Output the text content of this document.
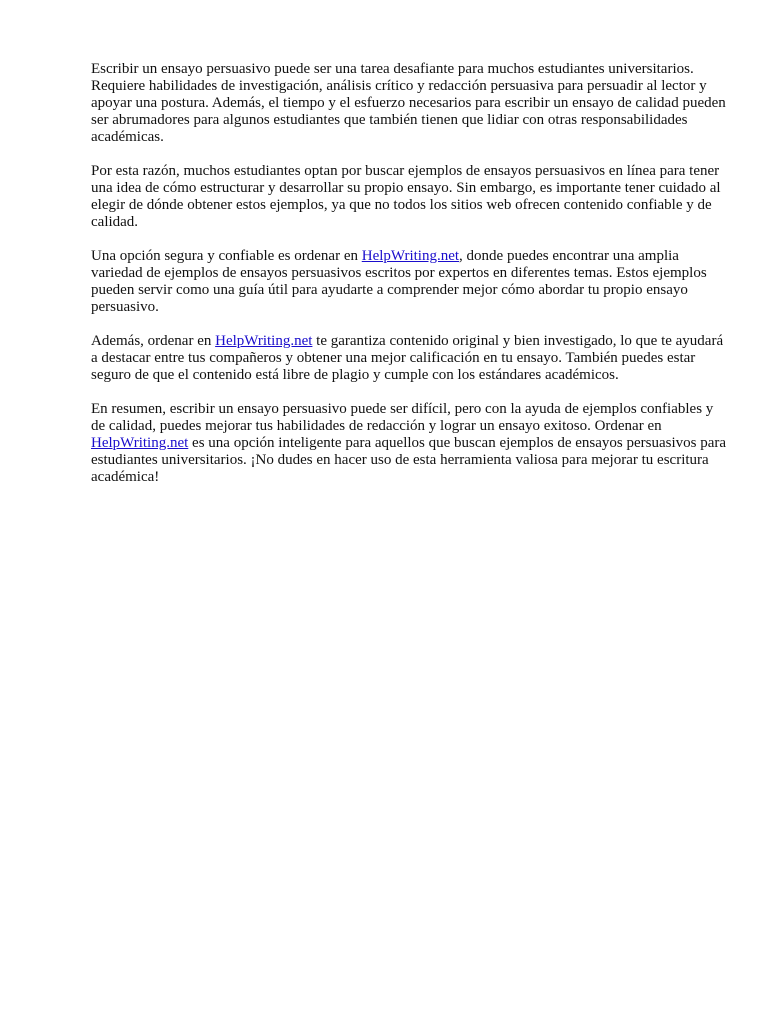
Escribir un ensayo persuasivo puede ser una tarea desafiante para muchos estudiantes universitarios. Requiere habilidades de investigación, análisis crítico y redacción persuasiva para persuadir al lector y apoyar una postura. Además, el tiempo y el esfuerzo necesarios para escribir un ensayo de calidad pueden ser abrumadores para algunos estudiantes que también tienen que lidiar con otras responsabilidades académicas.

Por esta razón, muchos estudiantes optan por buscar ejemplos de ensayos persuasivos en línea para tener una idea de cómo estructurar y desarrollar su propio ensayo. Sin embargo, es importante tener cuidado al elegir de dónde obtener estos ejemplos, ya que no todos los sitios web ofrecen contenido confiable y de calidad.

Una opción segura y confiable es ordenar en HelpWriting.net, donde puedes encontrar una amplia variedad de ejemplos de ensayos persuasivos escritos por expertos en diferentes temas. Estos ejemplos pueden servir como una guía útil para ayudarte a comprender mejor cómo abordar tu propio ensayo persuasivo.

Además, ordenar en HelpWriting.net te garantiza contenido original y bien investigado, lo que te ayudará a destacar entre tus compañeros y obtener una mejor calificación en tu ensayo. También puedes estar seguro de que el contenido está libre de plagio y cumple con los estándares académicos.

En resumen, escribir un ensayo persuasivo puede ser difícil, pero con la ayuda de ejemplos confiables y de calidad, puedes mejorar tus habilidades de redacción y lograr un ensayo exitoso. Ordenar en HelpWriting.net es una opción inteligente para aquellos que buscan ejemplos de ensayos persuasivos para estudiantes universitarios. ¡No dudes en hacer uso de esta herramienta valiosa para mejorar tu escritura académica!
